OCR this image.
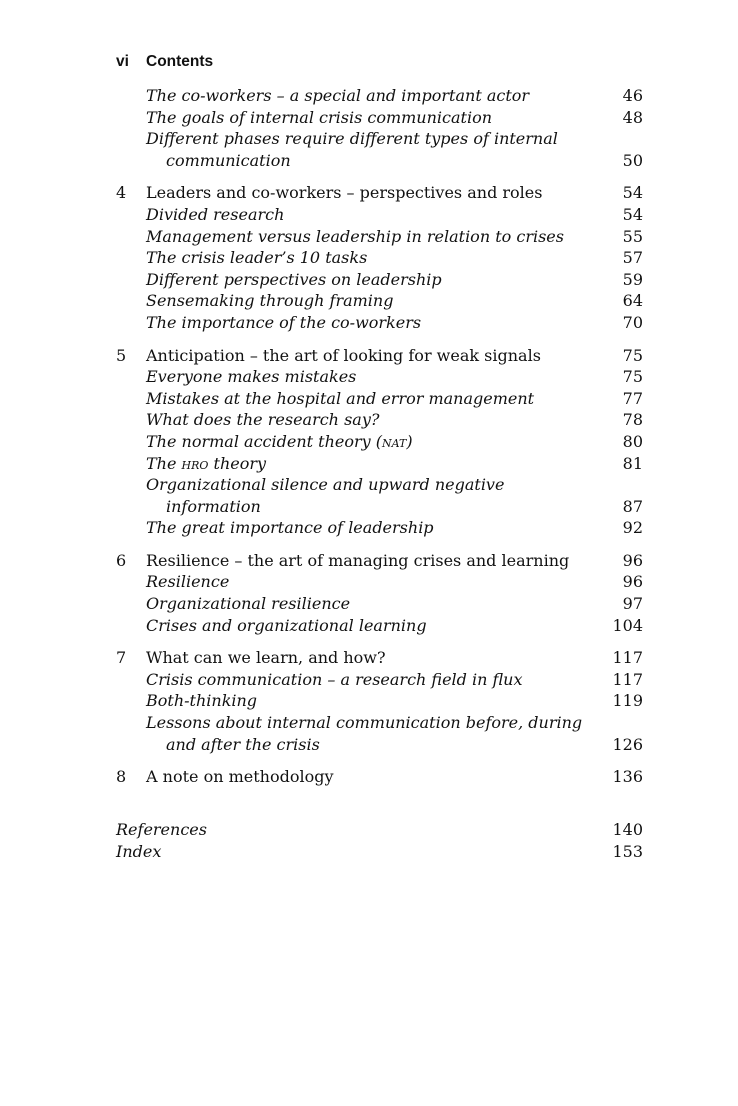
vi Contents
The co-workers – a special and important actor	46
The goals of internal crisis communication	48
Different phases require different types of internal
communication	50
4	Leaders and co-workers – perspectives and roles	54
Divided research	54
Management versus leadership in relation to crises	55
The crisis leader’s 10 tasks	57
Different perspectives on leadership	59
Sensemaking through framing	64
The importance of the co-workers	70
5	Anticipation – the art of looking for weak signals	75
Everyone makes mistakes	75
Mistakes at the hospital and error management	77
What does the research say?	78
The normal accident theory (nat)	80
The hro theory	81
Organizational silence and upward negative
information	87
The great importance of leadership	92
6	Resilience – the art of managing crises and learning	96
Resilience	96
Organizational resilience	97
Crises and organizational learning	104
7	What can we learn, and how?	117
Crisis communication – a research field in flux	117
Both-thinking	119
Lessons about internal communication before, during
and after the crisis	126
8	A note on methodology	136
References	140
Index	153
